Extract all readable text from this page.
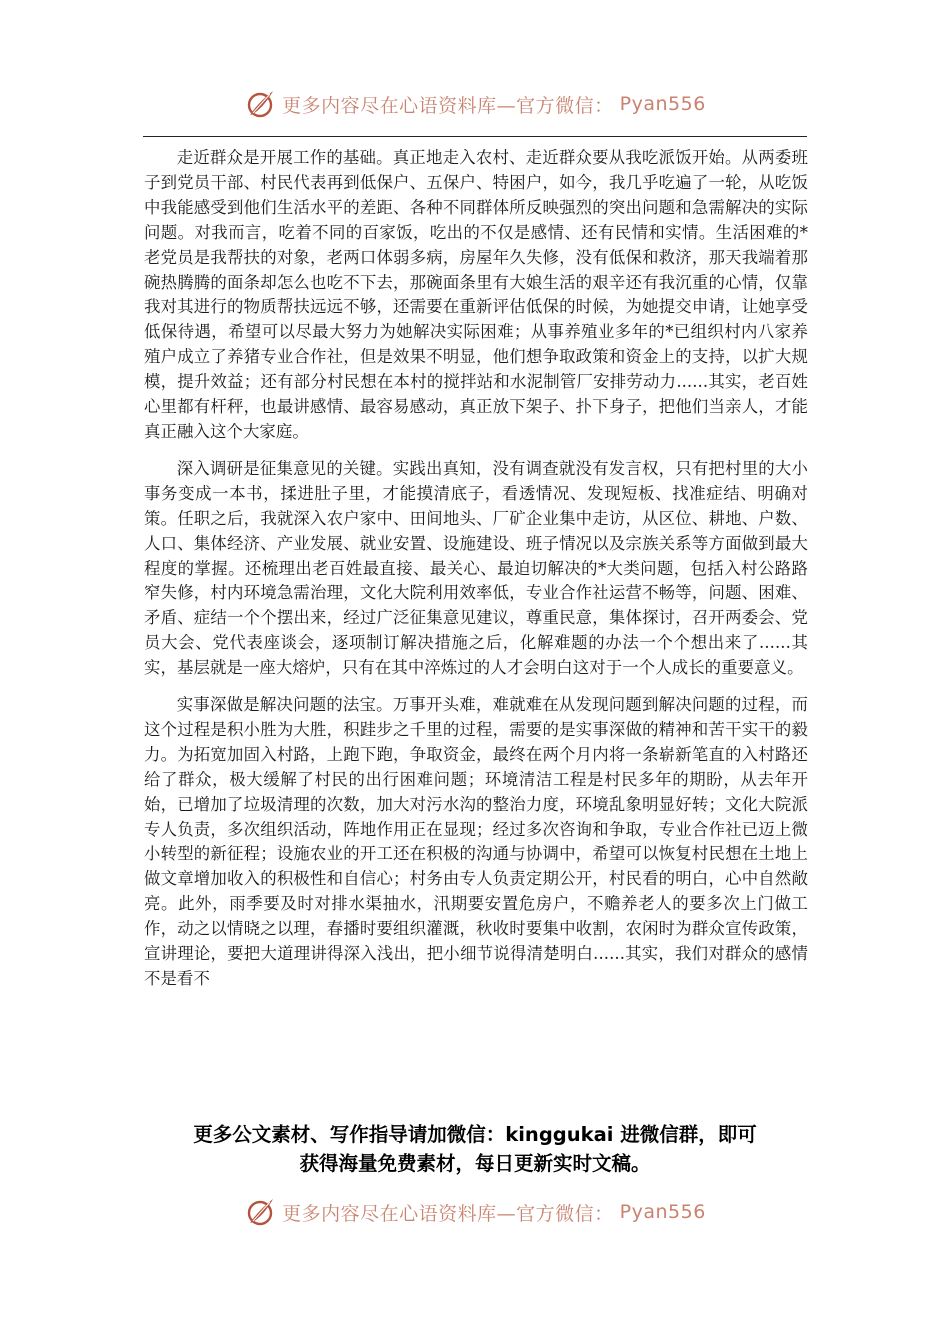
更多内容尽在心语资料库—官方微信： Pyan556

走近群众是开展工作的基础。真正地走入农村、走近群众要从我吃派饭开始。从两委班子到党员干部、村民代表再到低保户、五保户、特困户，如今，我几乎吃遍了一轮，从吃饭中我能感受到他们生活水平的差距、各种不同群体所反映强烈的突出问题和急需解决的实际问题。对我而言，吃着不同的百家饭，吃出的不仅是感情、还有民情和实情。生活困难的*老党员是我帮扶的对象，老两口体弱多病，房屋年久失修，没有低保和救济，那天我端着那碗热腾腾的面条却怎么也吃不下去，那碗面条里有大娘生活的艰辛还有我沉重的心情，仅靠我对其进行的物质帮扶远远不够，还需要在重新评估低保的时候，为她提交申请，让她享受低保待遇，希望可以尽最大努力为她解决实际困难；从事养殖业多年的*已组织村内八家养殖户成立了养猪专业合作社，但是效果不明显，他们想争取政策和资金上的支持，以扩大规模，提升效益；还有部分村民想在本村的搅拌站和水泥制管厂安排劳动力......其实，老百姓心里都有杆秤，也最讲感情、最容易感动，真正放下架子、扑下身子，把他们当亲人，才能真正融入这个大家庭。

深入调研是征集意见的关键。实践出真知，没有调查就没有发言权，只有把村里的大小事务变成一本书，揉进肚子里，才能摸清底子，看透情况、发现短板、找准症结、明确对策。任职之后，我就深入农户家中、田间地头、厂矿企业集中走访，从区位、耕地、户数、人口、集体经济、产业发展、就业安置、设施建设、班子情况以及宗族关系等方面做到最大程度的掌握。还梳理出老百姓最直接、最关心、最迫切解决的*大类问题，包括入村公路路窄失修，村内环境急需治理，文化大院利用效率低，专业合作社运营不畅等，问题、困难、矛盾、症结一个个摆出来，经过广泛征集意见建议，尊重民意，集体探讨，召开两委会、党员大会、党代表座谈会，逐项制订解决措施之后，化解难题的办法一个个想出来了......其实，基层就是一座大熔炉，只有在其中淬炼过的人才会明白这对于一个人成长的重要意义。

实事深做是解决问题的法宝。万事开头难，难就难在从发现问题到解决问题的过程，而这个过程是积小胜为大胜，积跬步之千里的过程，需要的是实事深做的精神和苦干实干的毅力。为拓宽加固入村路，上跑下跑，争取资金，最终在两个月内将一条崭新笔直的入村路还给了群众，极大缓解了村民的出行困难问题；环境清洁工程是村民多年的期盼，从去年开始，已增加了垃圾清理的次数，加大对污水沟的整治力度，环境乱象明显好转；文化大院派专人负责，多次组织活动，阵地作用正在显现；经过多次咨询和争取，专业合作社已迈上微小转型的新征程；设施农业的开工还在积极的沟通与协调中，希望可以恢复村民想在土地上做文章增加收入的积极性和自信心；村务由专人负责定期公开，村民看的明白，心中自然敞亮。此外，雨季要及时对排水渠抽水，汛期要安置危房户，不赡养老人的要多次上门做工作，动之以情晓之以理，春播时要组织灌溉，秋收时要集中收割，农闲时为群众宣传政策，宣讲理论，要把大道理讲得深入浅出，把小细节说得清楚明白......其实，我们对群众的感情不是看不

更多公文素材、写作指导请加微信：kinggukai 进微信群，即可
获得海量免费素材，每日更新实时文稿。
更多内容尽在心语资料库—官方微信： Pyan556
